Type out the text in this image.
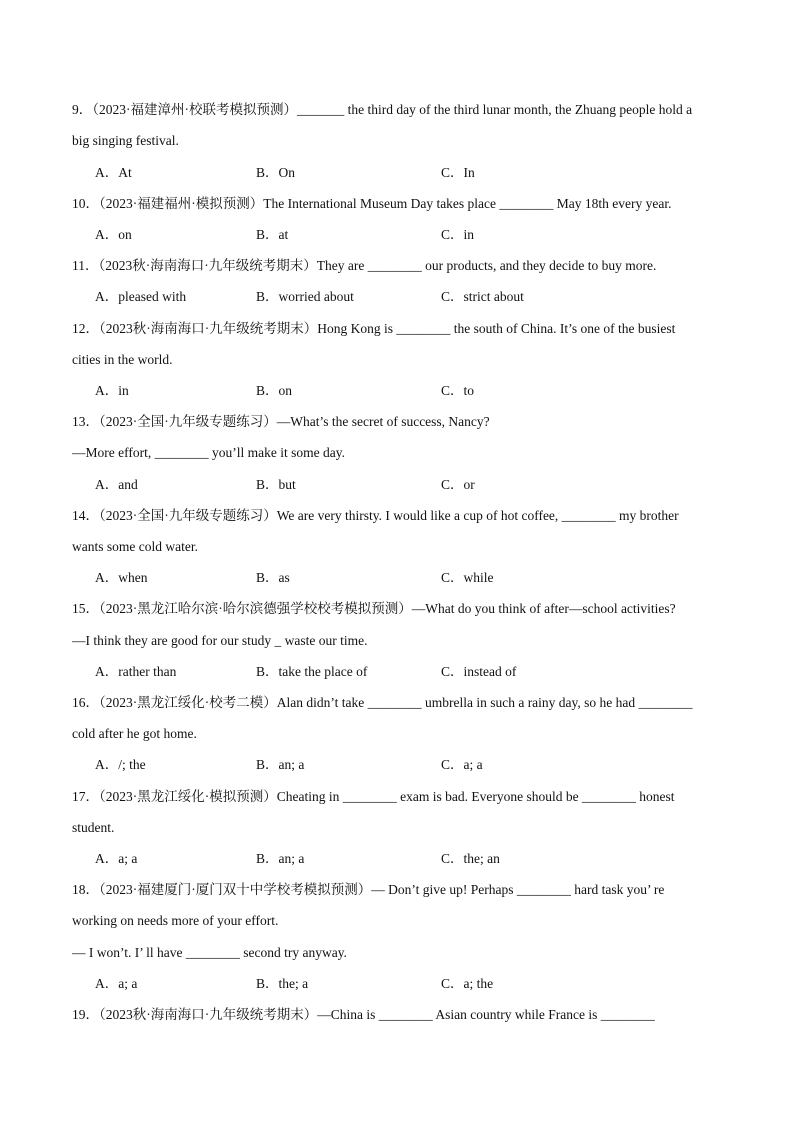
9．（2023·福建漳州·校联考模拟预测）_______ the third day of the third lunar month, the Zhuang people hold a
big singing festival.
A．At	B．On	C．In
10．（2023·福建福州·模拟预测）The International Museum Day takes place ________ May 18th every year.
A．on	B．at	C．in
11．（2023秋·海南海口·九年级统考期末）They are ________ our products, and they decide to buy more.
A．pleased with	B．worried about	C．strict about
12．（2023秋·海南海口·九年级统考期末）Hong Kong is ________ the south of China. It’s one of the busiest
cities in the world.
A．in	B．on	C．to
13．（2023·全国·九年级专题练习）—What’s the secret of success, Nancy?
—More effort, ________ you’ll make it some day.
A．and	B．but	C．or
14．（2023·全国·九年级专题练习）We are very thirsty. I would like a cup of hot coffee, ________ my brother
wants some cold water.
A．when	B．as	C．while
15．（2023·黑龙江哈尔滨·哈尔滨德强学校校考模拟预测）—What do you think of after—school activities?
—I think they are good for our study _ waste our time.
A．rather than	B．take the place of	C．instead of
16．（2023·黑龙江绥化·校考二模）Alan didn’t take ________ umbrella in such a rainy day, so he had ________
cold after he got home.
A．/; the	B．an; a	C．a; a
17．（2023·黑龙江绥化·模拟预测）Cheating in ________ exam is bad. Everyone should be ________ honest
student.
A．a; a	B．an; a	C．the; an
18．（2023·福建厦门·厦门双十中学校考模拟预测）— Don’t give up! Perhaps ________ hard task you’ re
working on needs more of your effort.
— I won’t. I’ ll have ________ second try anyway.
A．a; a	B．the; a	C．a; the
19．（2023秋·海南海口·九年级统考期末）—China is ________ Asian country while France is ________
